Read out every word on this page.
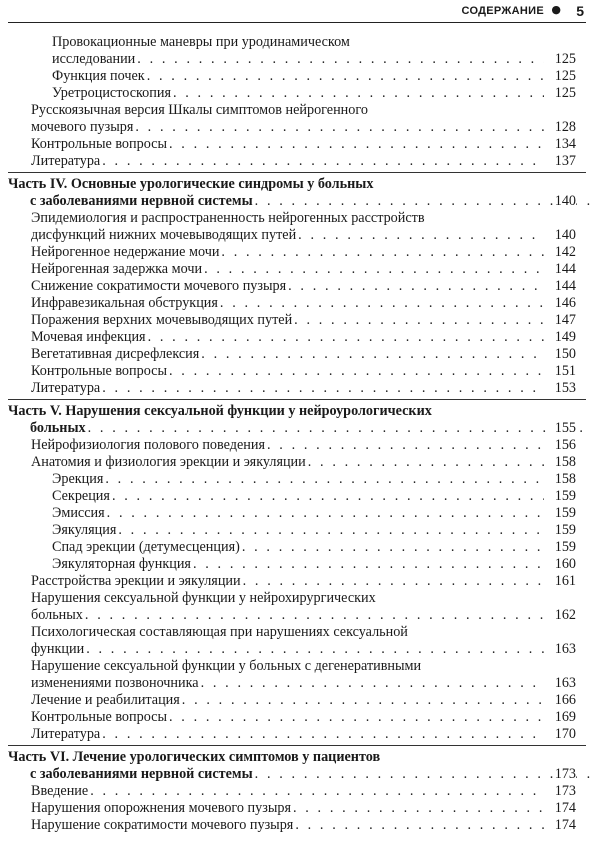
СОДЕРЖАНИЕ ● 5
Провокационные маневры при уродинамическом
исследовании . . .	125
Функция почек . . .	125
Уретроцистоскопия . . .	125
Русскоязычная версия Шкалы симптомов нейрогенного
мочевого пузыря . . .	128
Контрольные вопросы . . .	134
Литература . . .	137
Часть IV. Основные урологические синдромы у больных
с заболеваниями нервной системы . . .	140
Эпидемиология и распространенность нейрогенных расстройств
дисфункций нижних мочевыводящих путей . . .	140
Нейрогенное недержание мочи . . .	142
Нейрогенная задержка мочи . . .	144
Снижение сократимости мочевого пузыря . . .	144
Инфравезикальная обструкция . . .	146
Поражения верхних мочевыводящих путей . . .	147
Мочевая инфекция . . .	149
Вегетативная дисрефлексия . . .	150
Контрольные вопросы . . .	151
Литература . . .	153
Часть V. Нарушения сексуальной функции у нейроурологических
больных . . .	155
Нейрофизиология полового поведения . . .	156
Анатомия и физиология эрекции и эякуляции . . .	158
Эрекция . . .	158
Секреция . . .	159
Эмиссия . . .	159
Эякуляция . . .	159
Спад эрекции (детумесценция) . . .	159
Эякуляторная функция . . .	160
Расстройства эрекции и эякуляции . . .	161
Нарушения сексуальной функции у нейрохирургических
больных . . .	162
Психологическая составляющая при нарушениях сексуальной
функции . . .	163
Нарушение сексуальной функции у больных с дегенеративными
изменениями позвоночника . . .	163
Лечение и реабилитация . . .	166
Контрольные вопросы . . .	169
Литература . . .	170
Часть VI. Лечение урологических симптомов у пациентов
с заболеваниями нервной системы . . .	173
Введение . . .	173
Нарушения опорожнения мочевого пузыря . . .	174
Нарушение сократимости мочевого пузыря . . .	174
